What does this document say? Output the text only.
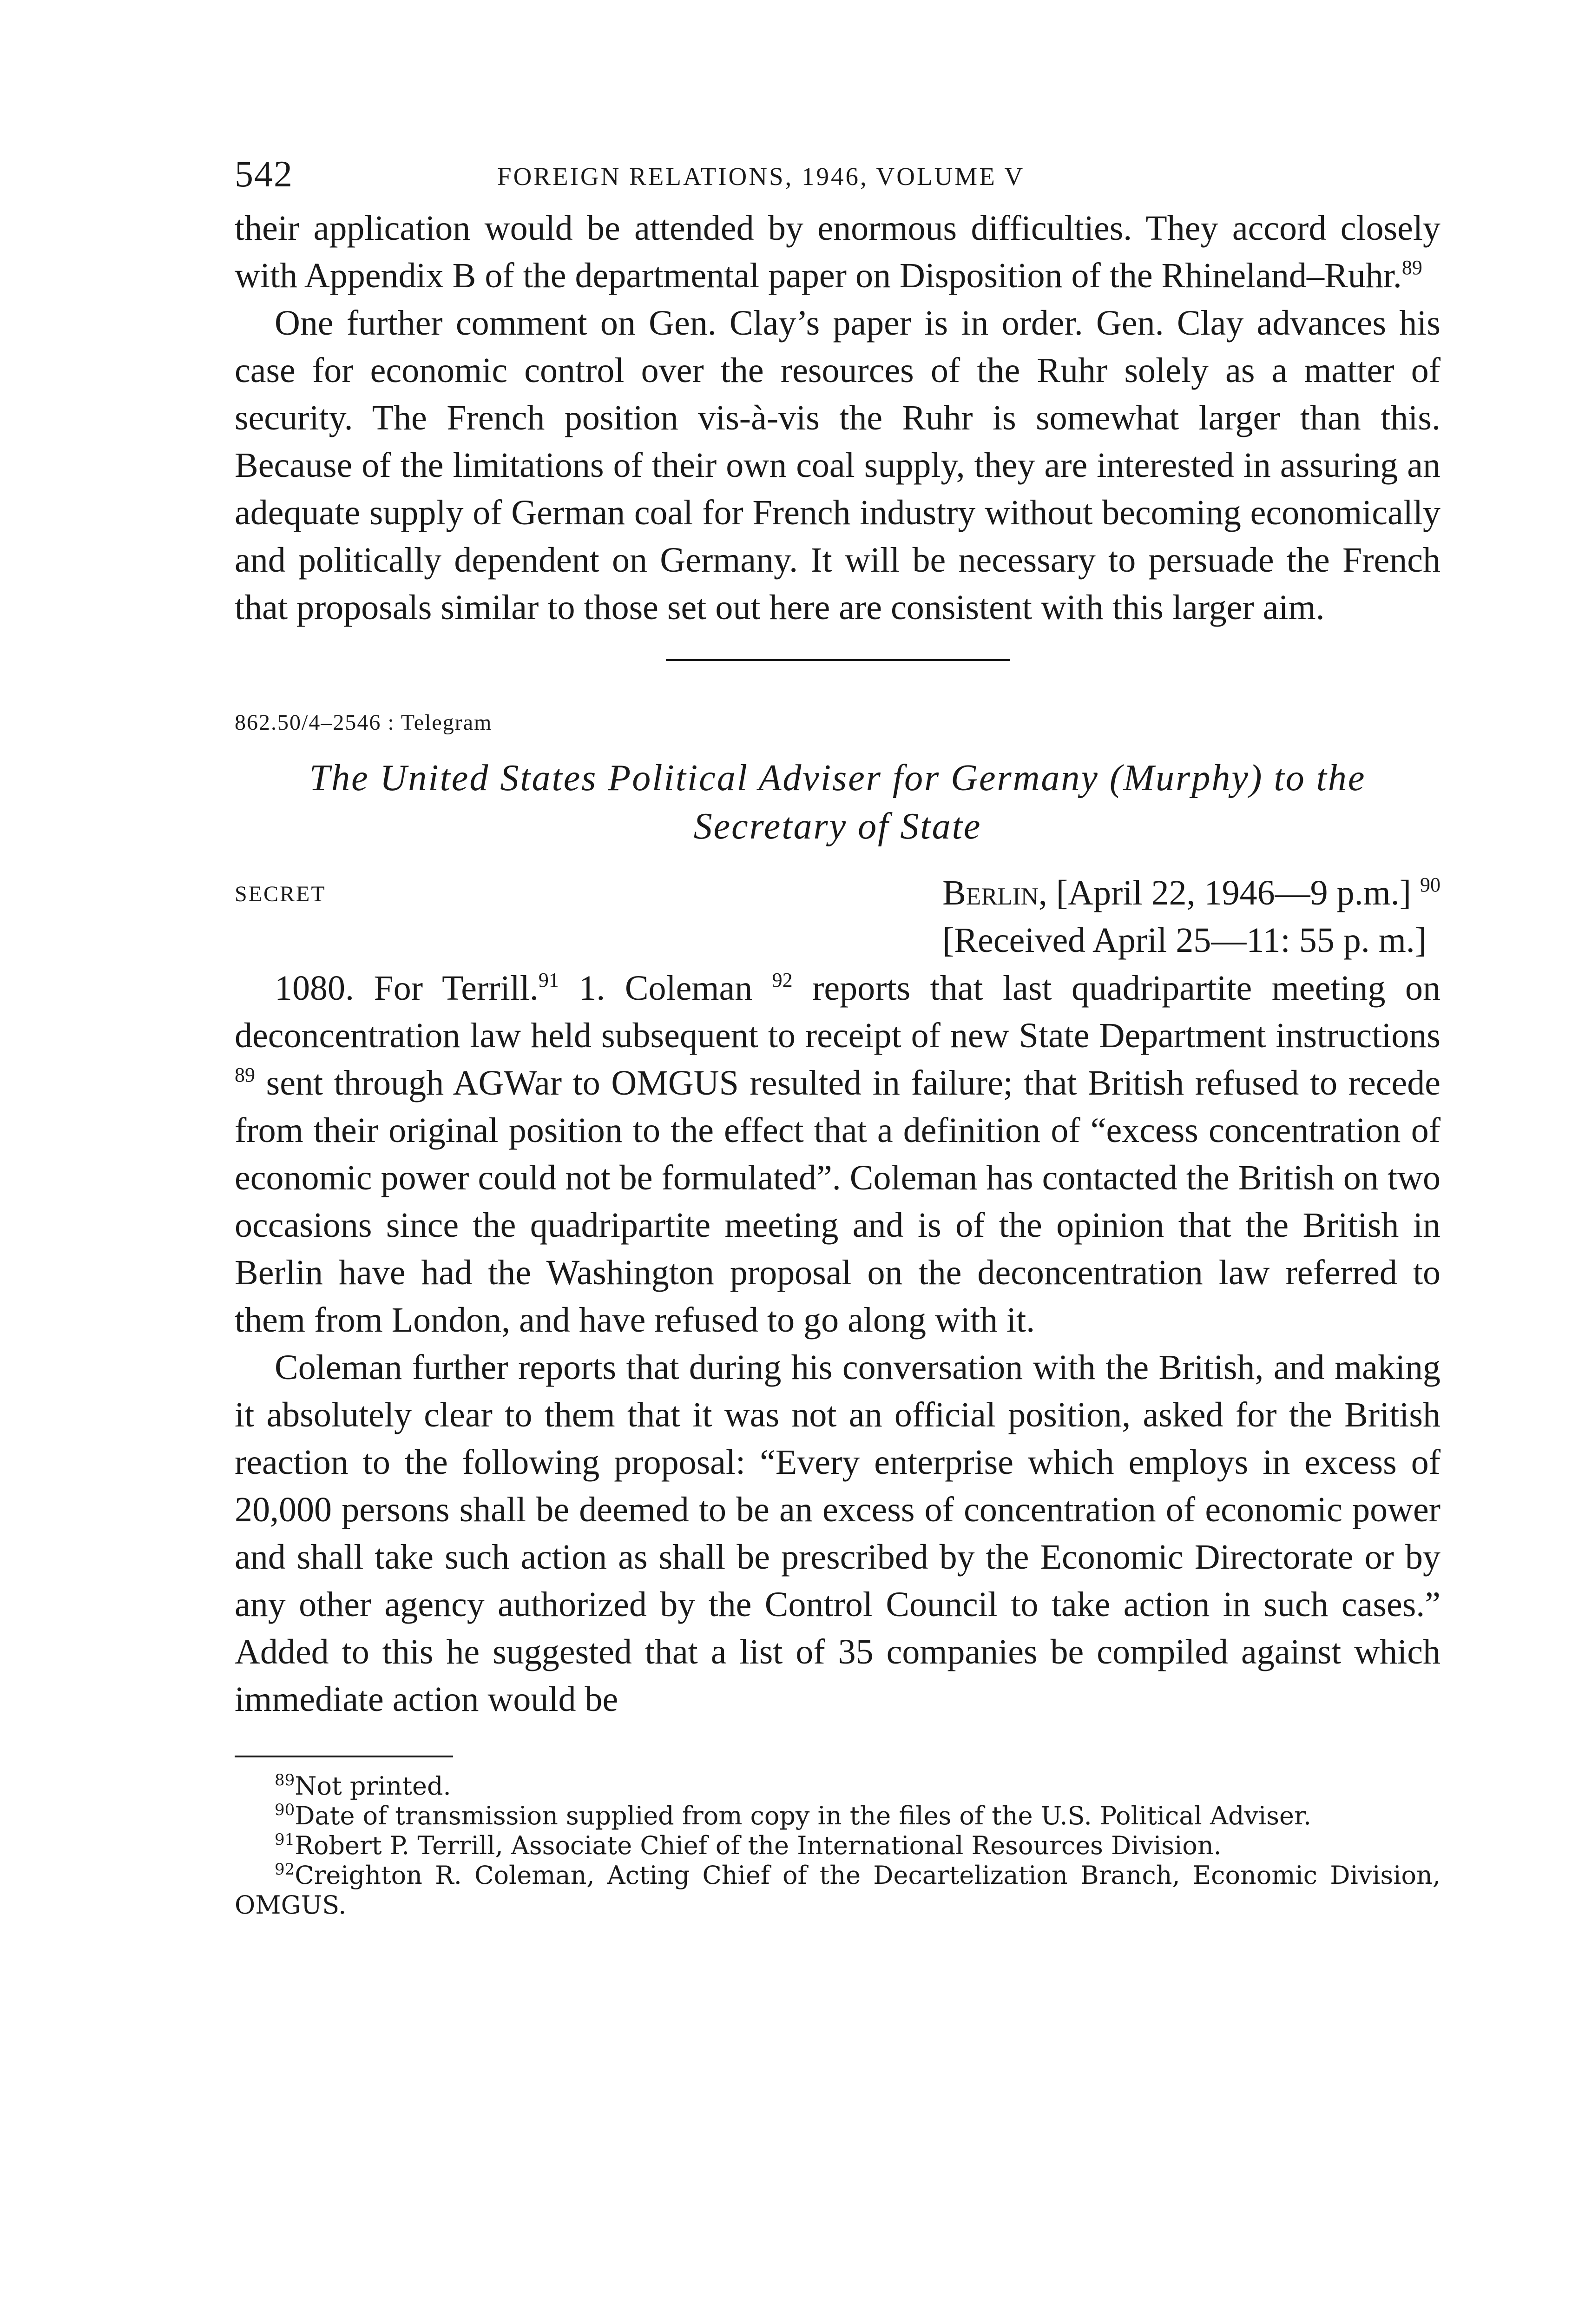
542	FOREIGN RELATIONS, 1946, VOLUME V

their application would be attended by enormous difficulties. They accord closely with Appendix B of the departmental paper on Disposition of the Rhineland–Ruhr.$^{89}$

One further comment on Gen. Clay’s paper is in order. Gen. Clay advances his case for economic control over the resources of the Ruhr solely as a matter of security. The French position vis-à-vis the Ruhr is somewhat larger than this. Because of the limitations of their own coal supply, they are interested in assuring an adequate supply of German coal for French industry without becoming economically and politically dependent on Germany. It will be necessary to persuade the French that proposals similar to those set out here are consistent with this larger aim.

862.50/4–2546 : Telegram
The United States Political Adviser for Germany (Murphy) to the Secretary of State
SECRET	Berlin, [April 22, 1946—9 p.m.] $^{90}$
[Received April 25—11: 55 p. m.]

1080. For Terrill.$^{91}$ 1. Coleman $^{92}$ reports that last quadripartite meeting on deconcentration law held subsequent to receipt of new State Department instructions $^{89}$ sent through AGWar to OMGUS resulted in failure; that British refused to recede from their original position to the effect that a definition of “excess concentration of economic power could not be formulated”. Coleman has contacted the British on two occasions since the quadripartite meeting and is of the opinion that the British in Berlin have had the Washington proposal on the deconcentration law referred to them from London, and have refused to go along with it.

Coleman further reports that during his conversation with the British, and making it absolutely clear to them that it was not an official position, asked for the British reaction to the following proposal: “Every enterprise which employs in excess of 20,000 persons shall be deemed to be an excess of concentration of economic power and shall take such action as shall be prescribed by the Economic Directorate or by any other agency authorized by the Control Council to take action in such cases.” Added to this he suggested that a list of 35 companies be compiled against which immediate action would be

$^{89}$Not printed.

$^{90}$Date of transmission supplied from copy in the files of the U.S. Political Adviser.

$^{91}$Robert P. Terrill, Associate Chief of the International Resources Division.

$^{92}$Creighton R. Coleman, Acting Chief of the Decartelization Branch, Economic Division, OMGUS.
